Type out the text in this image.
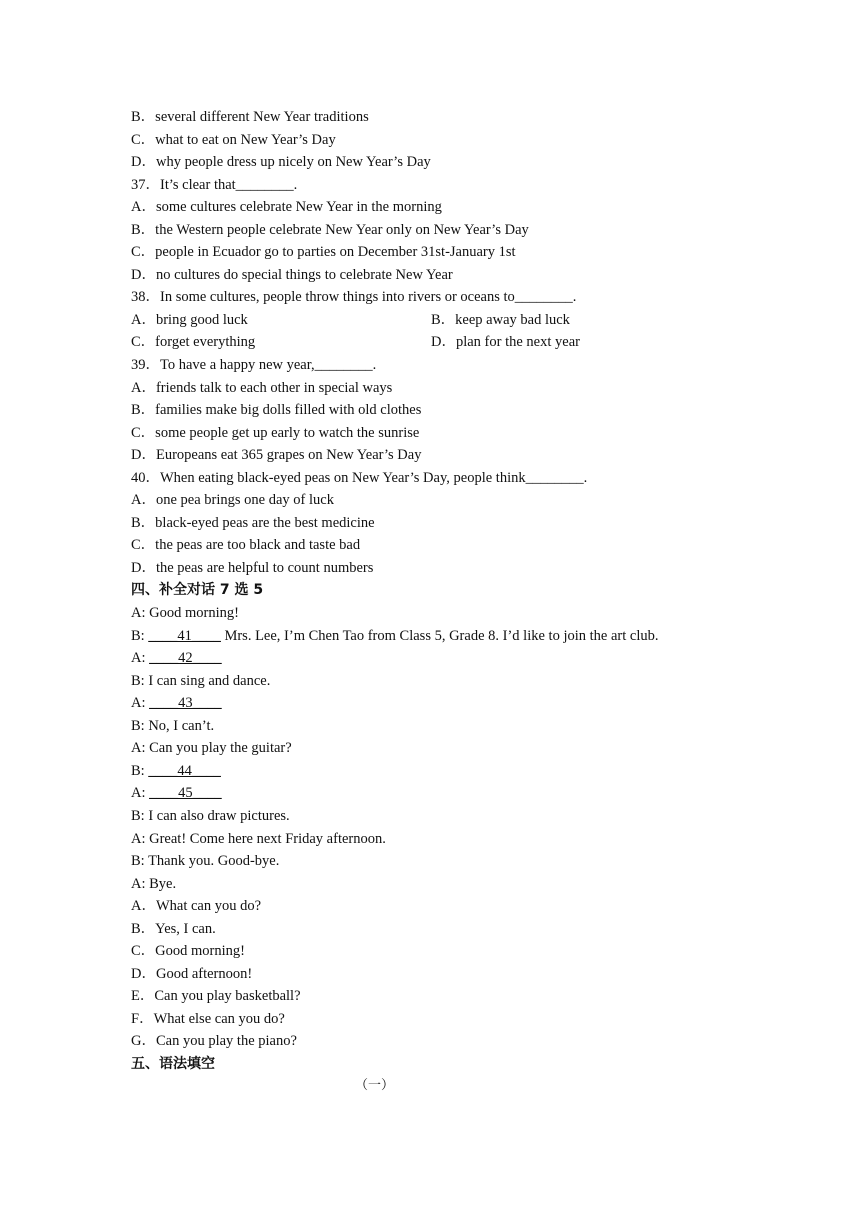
B．several different New Year traditions
C．what to eat on New Year’s Day
D．why people dress up nicely on New Year’s Day
37．It’s clear that________.
A．some cultures celebrate New Year in the morning
B．the Western people celebrate New Year only on New Year’s Day
C．people in Ecuador go to parties on December 31st-January 1st
D．no cultures do special things to celebrate New Year
38．In some cultures, people throw things into rivers or oceans to________.
A．bring good luck	B．keep away bad luck
C．forget everything	D．plan for the next year
39．To have a happy new year,________.
A．friends talk to each other in special ways
B．families make big dolls filled with old clothes
C．some people get up early to watch the sunrise
D．Europeans eat 365 grapes on New Year’s Day
40．When eating black-eyed peas on New Year’s Day, people think________.
A．one pea brings one day of luck
B．black-eyed peas are the best medicine
C．the peas are too black and taste bad
D．the peas are helpful to count numbers
四、补全对话 7 选 5
A: Good morning!
B: ____41____ Mrs. Lee, I’m Chen Tao from Class 5, Grade 8. I’d like to join the art club.
A: ____42____
B: I can sing and dance.
A: ____43____
B: No, I can’t.
A: Can you play the guitar?
B: ____44____
A: ____45____
B: I can also draw pictures.
A: Great! Come here next Friday afternoon.
B: Thank you. Good-bye.
A: Bye.
A．What can you do?
B．Yes, I can.
C．Good morning!
D．Good afternoon!
E．Can you play basketball?
F．What else can you do?
G．Can you play the piano?
五、语法填空
（一）
